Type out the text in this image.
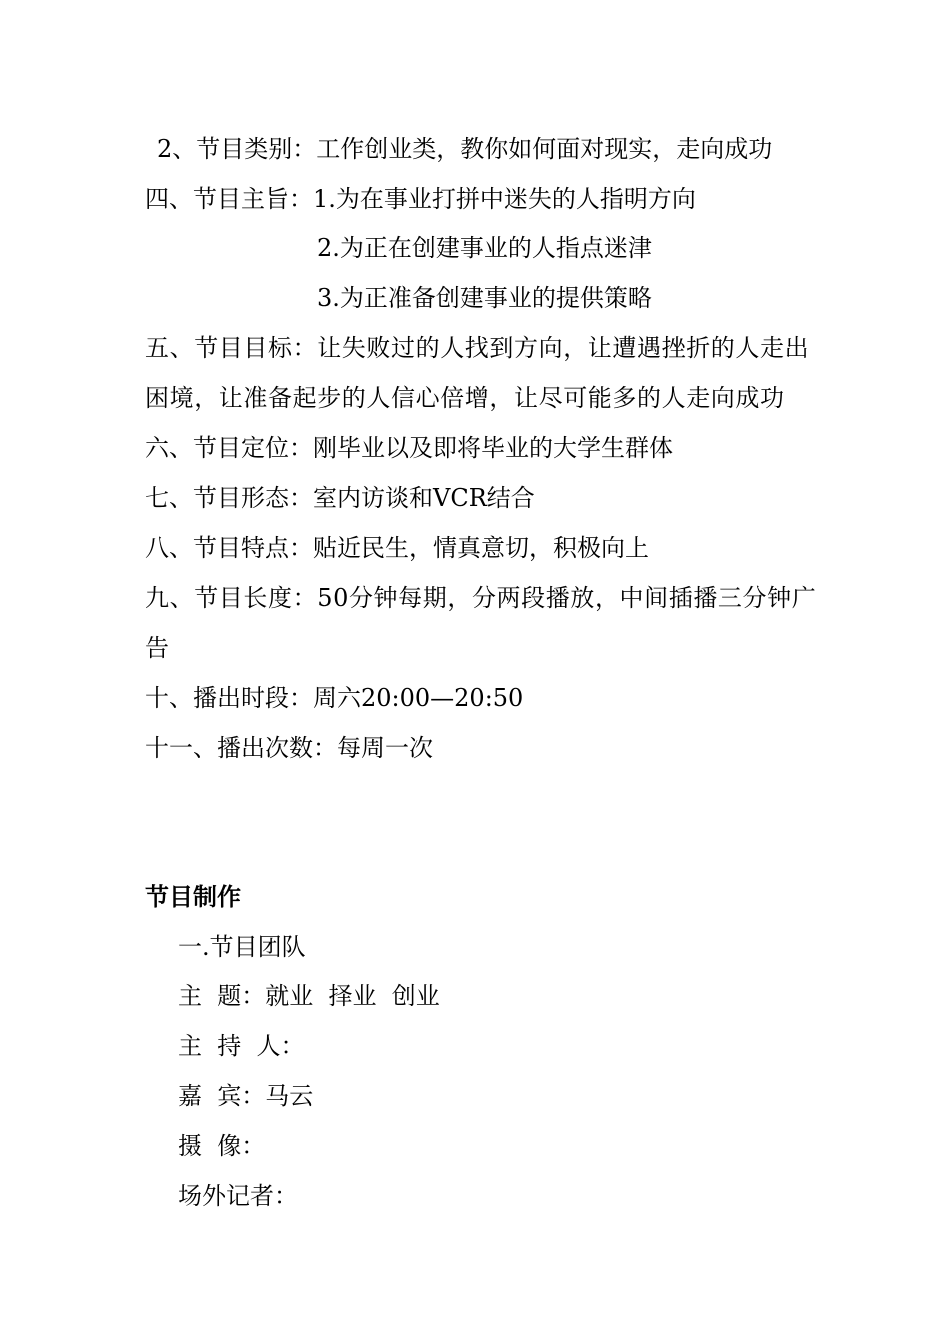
2、节目类别：工作创业类，教你如何面对现实，走向成功
四、节目主旨：1.为在事业打拼中迷失的人指明方向
2.为正在创建事业的人指点迷津
3.为正准备创建事业的提供策略
五、节目目标：让失败过的人找到方向，让遭遇挫折的人走出
困境，让准备起步的人信心倍增，让尽可能多的人走向成功
六、节目定位：刚毕业以及即将毕业的大学生群体
七、节目形态：室内访谈和VCR结合
八、节目特点：贴近民生，情真意切，积极向上
九、节目长度：50分钟每期，分两段播放，中间插播三分钟广
告
十、播出时段：周六20:00—20:50
十一、播出次数：每周一次
节目制作
一.节目团队
主  题：就业  择业  创业
主  持  人：
嘉  宾：马云
摄  像：
场外记者：
